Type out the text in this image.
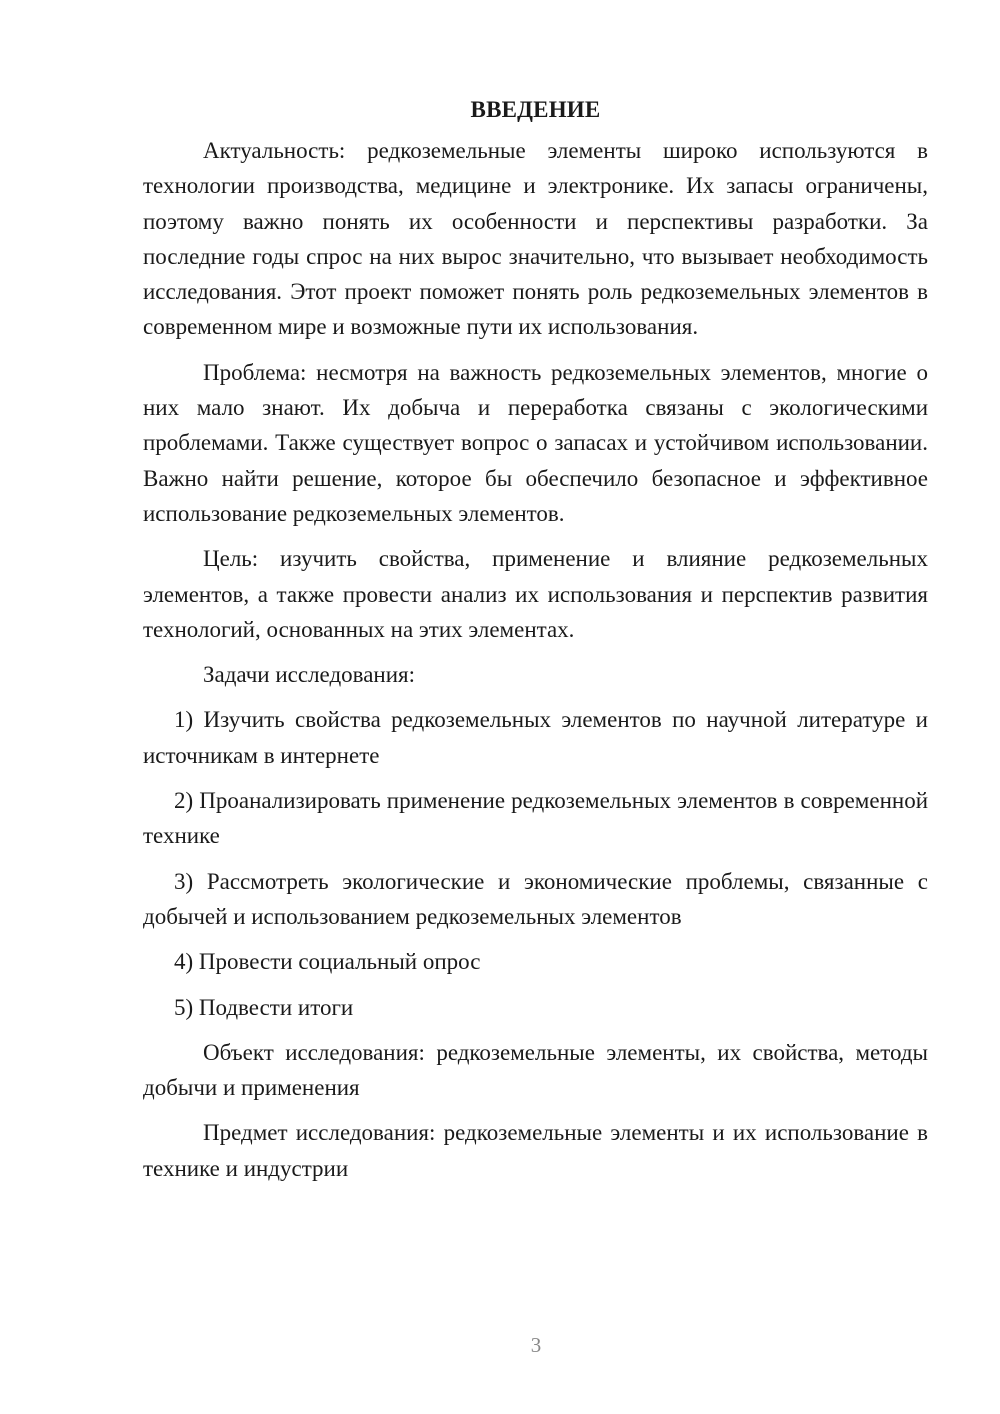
ВВЕДЕНИЕ

Актуальность: редкоземельные элементы широко используются в технологии производства, медицине и электронике. Их запасы ограничены, поэтому важно понять их особенности и перспективы разработки. За последние годы спрос на них вырос значительно, что вызывает необходимость исследования. Этот проект поможет понять роль редкоземельных элементов в современном мире и возможные пути их использования.

Проблема: несмотря на важность редкоземельных элементов, многие о них мало знают. Их добыча и переработка связаны с экологическими проблемами. Также существует вопрос о запасах и устойчивом использовании. Важно найти решение, которое бы обеспечило безопасное и эффективное использование редкоземельных элементов.

Цель: изучить свойства, применение и влияние редкоземельных элементов, а также провести анализ их использования и перспектив развития технологий, основанных на этих элементах.

Задачи исследования:

1) Изучить свойства редкоземельных элементов по научной литературе и источникам в интернете

2) Проанализировать применение редкоземельных элементов в современной технике

3) Рассмотреть экологические и экономические проблемы, связанные с добычей и использованием редкоземельных элементов

4) Провести социальный опрос

5) Подвести итоги

Объект исследования: редкоземельные элементы, их свойства, методы добычи и применения

Предмет исследования: редкоземельные элементы и их использование в технике и индустрии

3
